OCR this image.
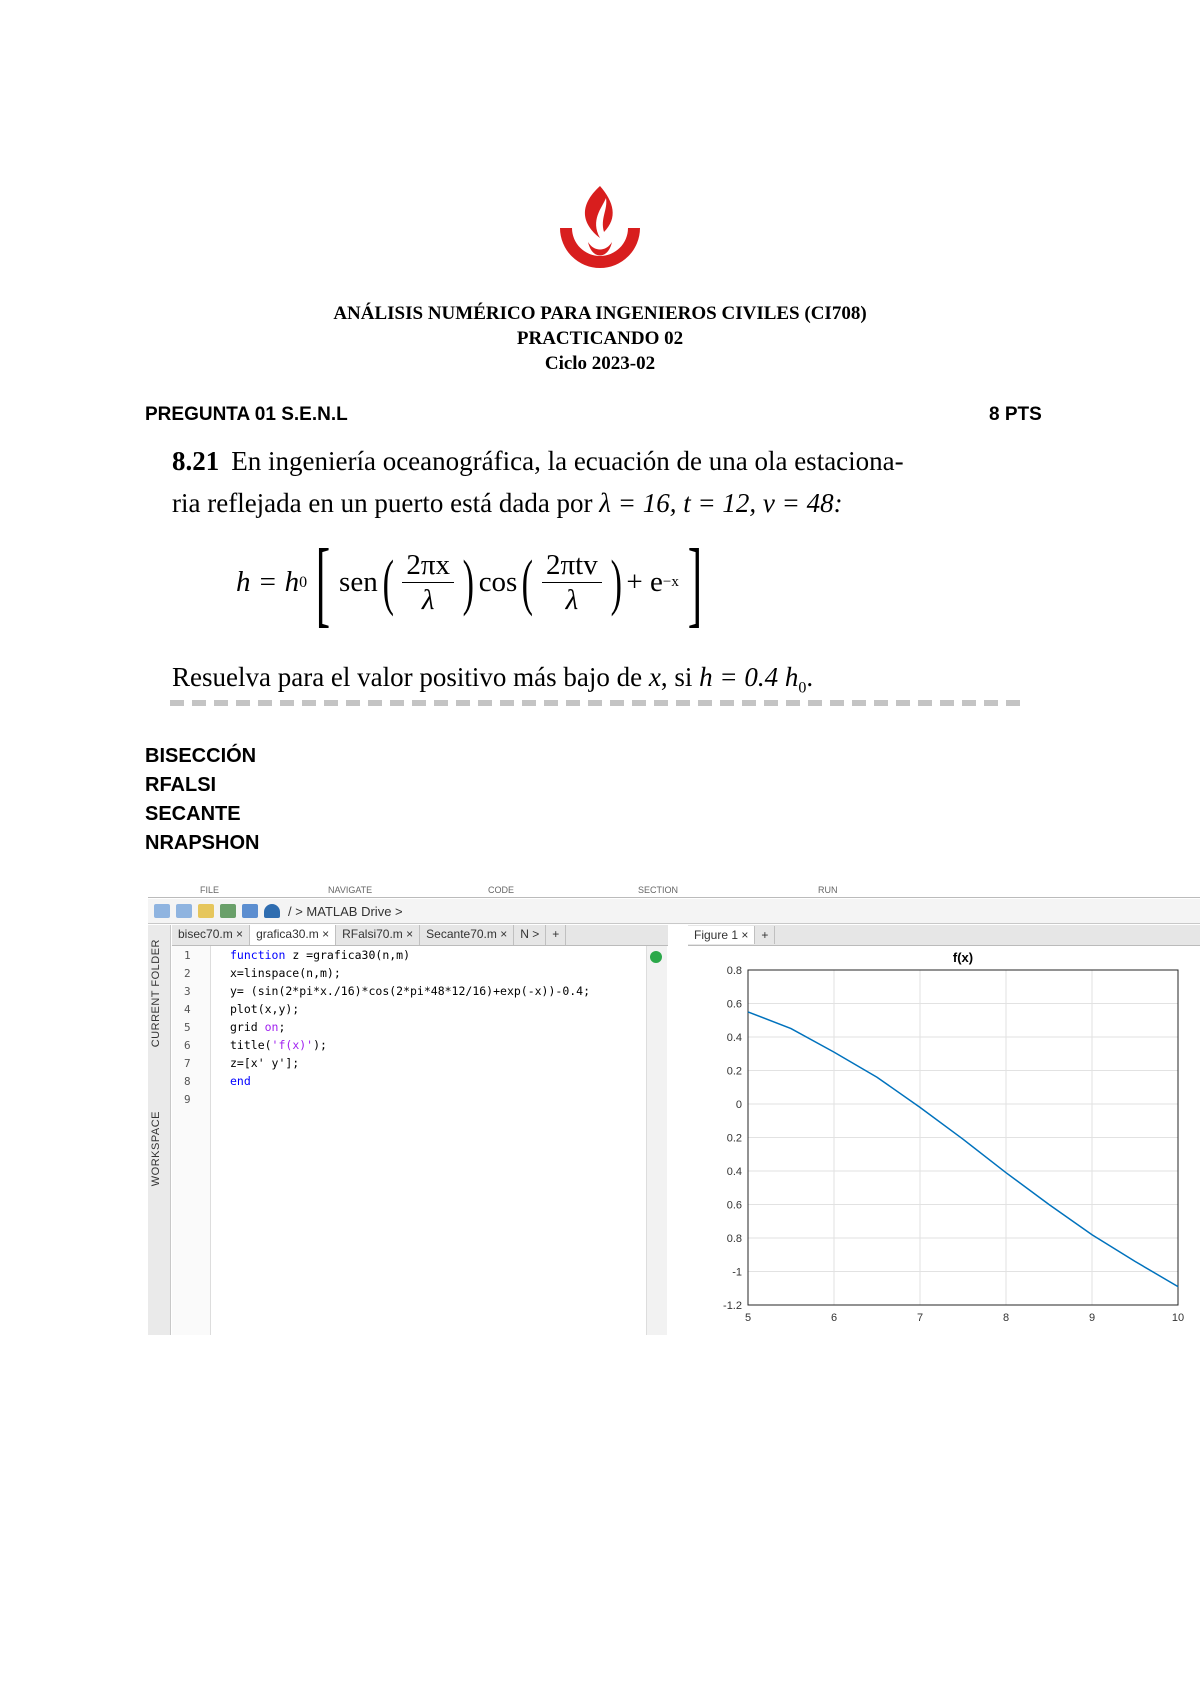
ANÁLISIS NUMÉRICO PARA INGENIEROS CIVILES (CI708)
PRACTICANDO 02
Ciclo 2023-02
PREGUNTA 01 S.E.N.L	8 PTS
8.21 En ingeniería oceanográfica, la ecuación de una ola estaciona-
ria reflejada en un puerto está dada por λ = 16, t = 12, v = 48:
h = h 0 [ sen ( $\frac{2\pi x}{\lambda}$ ) cos ( $\frac{\text{2πtv}}{\lambda}$ ) + e −x ]
Resuelva para el valor positivo más bajo de x, si h = 0.4 $h_0$.
BISECCIÓN
RFALSI
SECANTE
NRAPSHON
FILE	NAVIGATE	CODE	SECTION	RUN
/ > MATLAB Drive >
CURRENT FOLDER
WORKSPACE
bisec70.m ×	grafica30.m ×	RFalsi70.m ×	Secante70.m ×	N >	+
1
2
3
4
5
6
7
8
9
function z =grafica30(n,m)
x=linspace(n,m);
y= (sin(2*pi*x./16)*cos(2*pi*48*12/16)+exp(-x))-0.4;
plot(x,y);
grid on;
title('f(x)');
z=[x' y'];
end
Figure 1 ×	+
-1.2
-1
0.8
0.6
0.4
0.2
0
0.2
0.4
0.6
0.8
5	6	7	8	9	10
f(x)
